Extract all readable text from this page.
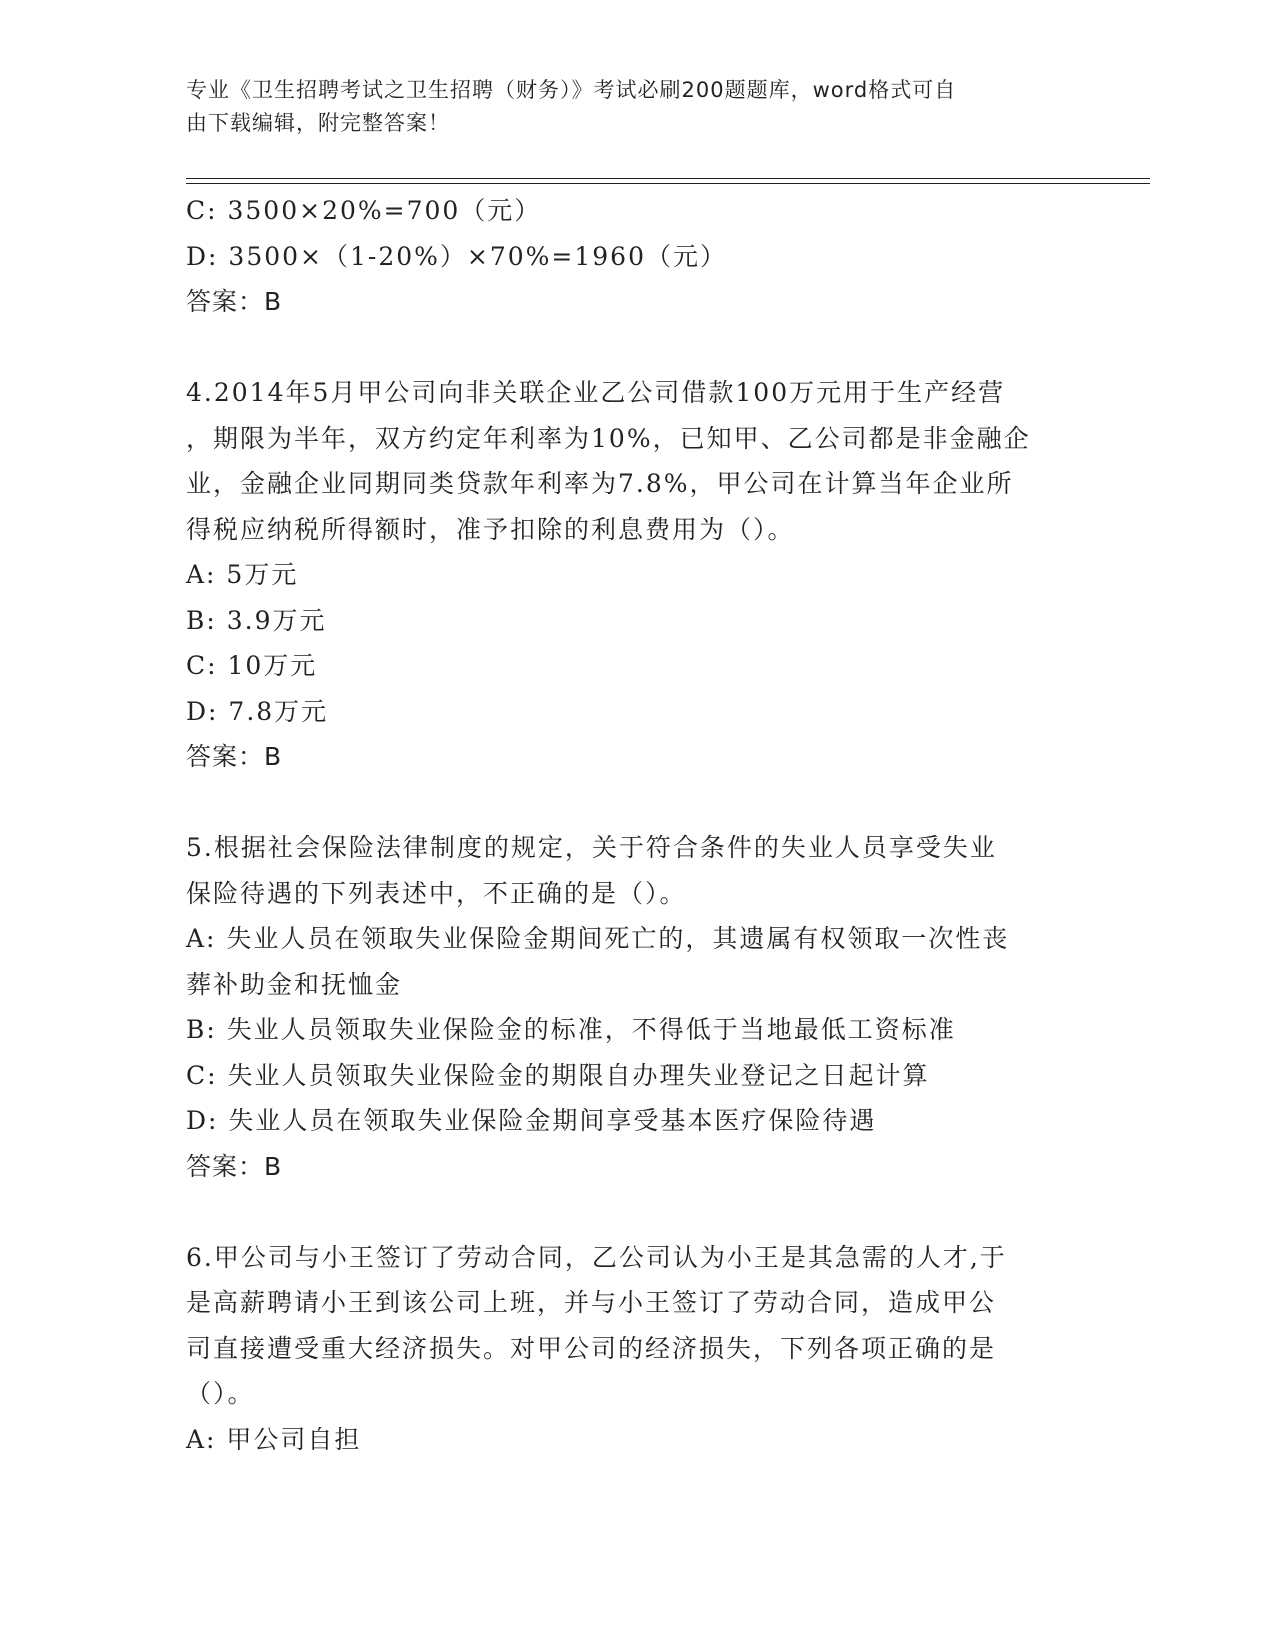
专业《卫生招聘考试之卫生招聘（财务）》考试必刷200题题库，word格式可自
由下载编辑，附完整答案！
C: 3500×20%=700（元）
D: 3500×（1-20%）×70%=1960（元）
答案：B
4.2014年5月甲公司向非关联企业乙公司借款100万元用于生产经营
，期限为半年，双方约定年利率为10%，已知甲、乙公司都是非金融企
业，金融企业同期同类贷款年利率为7.8%，甲公司在计算当年企业所
得税应纳税所得额时，准予扣除的利息费用为（）。
A: 5万元
B: 3.9万元
C: 10万元
D: 7.8万元
答案：B
5.根据社会保险法律制度的规定，关于符合条件的失业人员享受失业
保险待遇的下列表述中，不正确的是（）。
A: 失业人员在领取失业保险金期间死亡的，其遗属有权领取一次性丧
葬补助金和抚恤金
B: 失业人员领取失业保险金的标准，不得低于当地最低工资标准
C: 失业人员领取失业保险金的期限自办理失业登记之日起计算
D: 失业人员在领取失业保险金期间享受基本医疗保险待遇
答案：B
6.甲公司与小王签订了劳动合同，乙公司认为小王是其急需的人才,于
是高薪聘请小王到该公司上班，并与小王签订了劳动合同，造成甲公
司直接遭受重大经济损失。对甲公司的经济损失，下列各项正确的是
（）。
A: 甲公司自担
